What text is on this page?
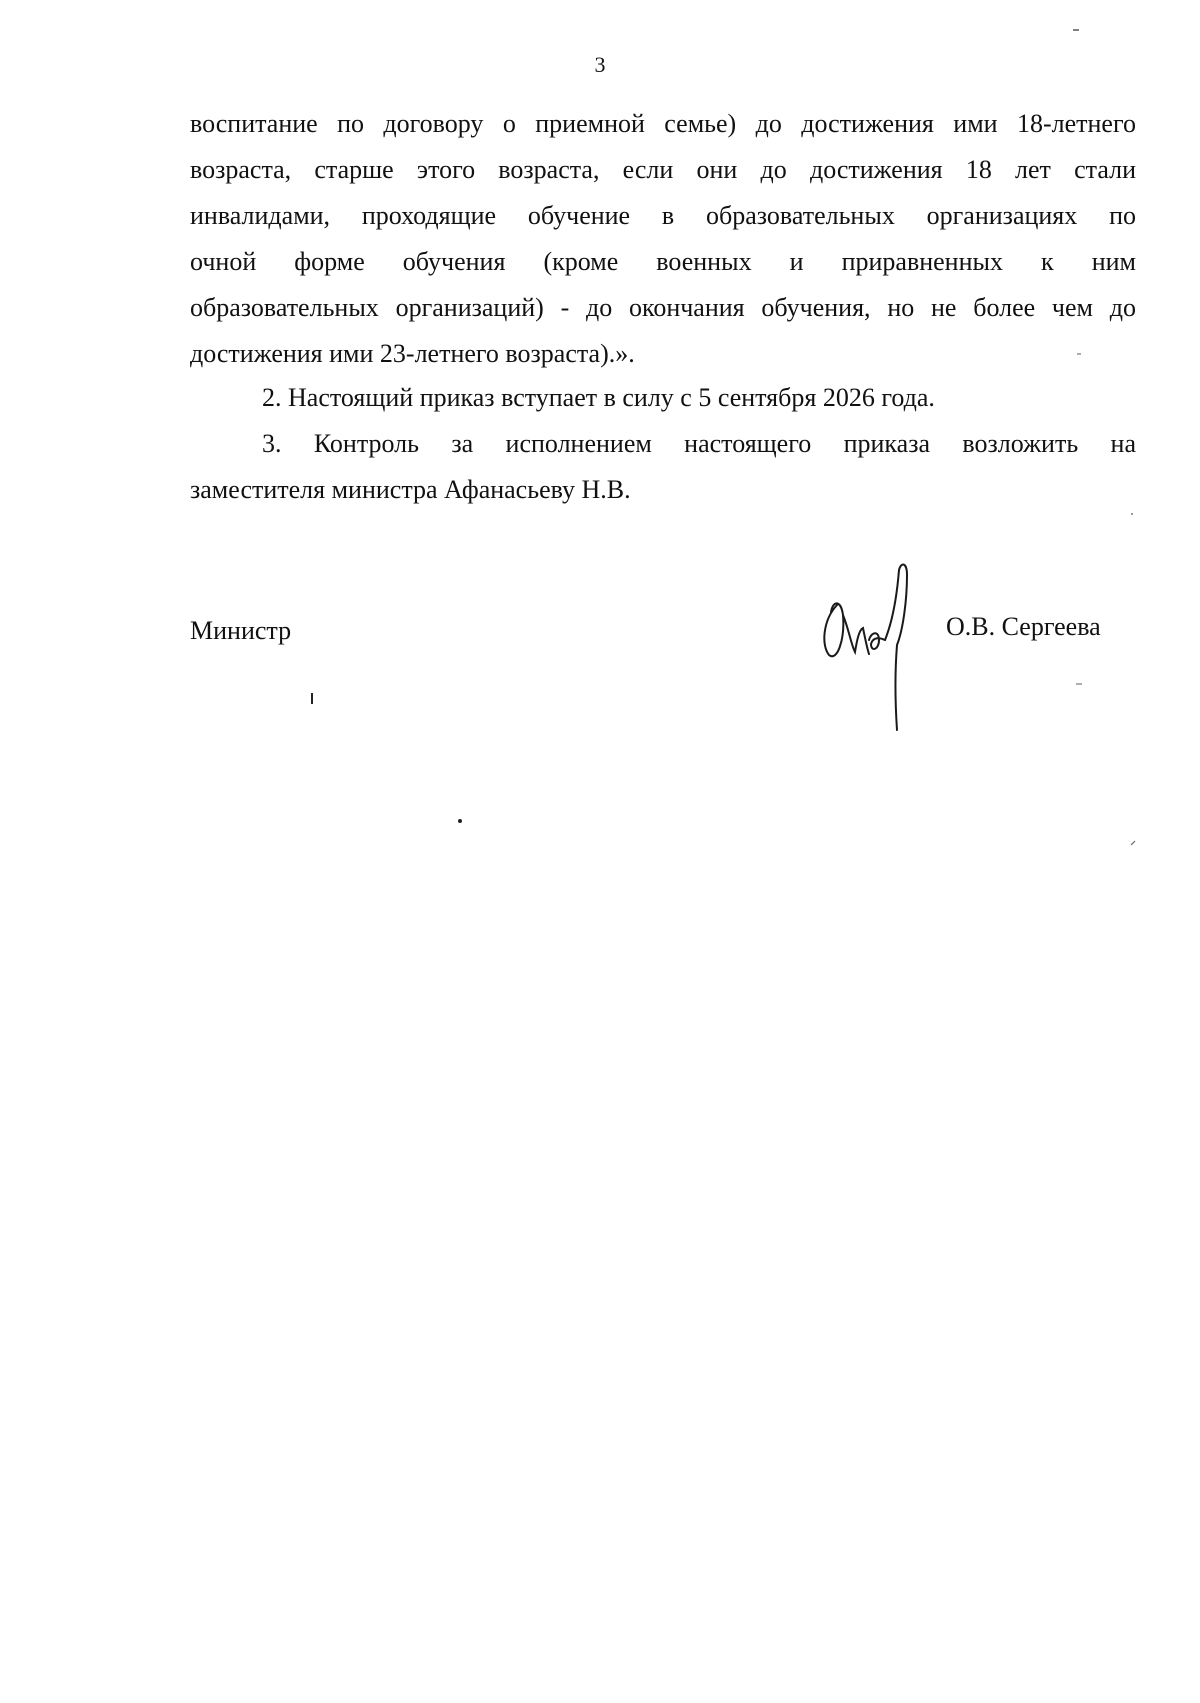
3
воспитание по договору о приемной семье) до достижения ими 18-летнего
возраста, старше этого возраста, если они до достижения 18 лет стали
инвалидами, проходящие обучение в образовательных организациях по
очной форме обучения (кроме военных и приравненных к ним
образовательных организаций) - до окончания обучения, но не более чем до
достижения ими 23-летнего возраста).».
2. Настоящий приказ вступает в силу с 5 сентября 2026 года.
3. Контроль за исполнением настоящего приказа возложить на
заместителя министра Афанасьеву Н.В.
Министр	О.В. Сергеева
